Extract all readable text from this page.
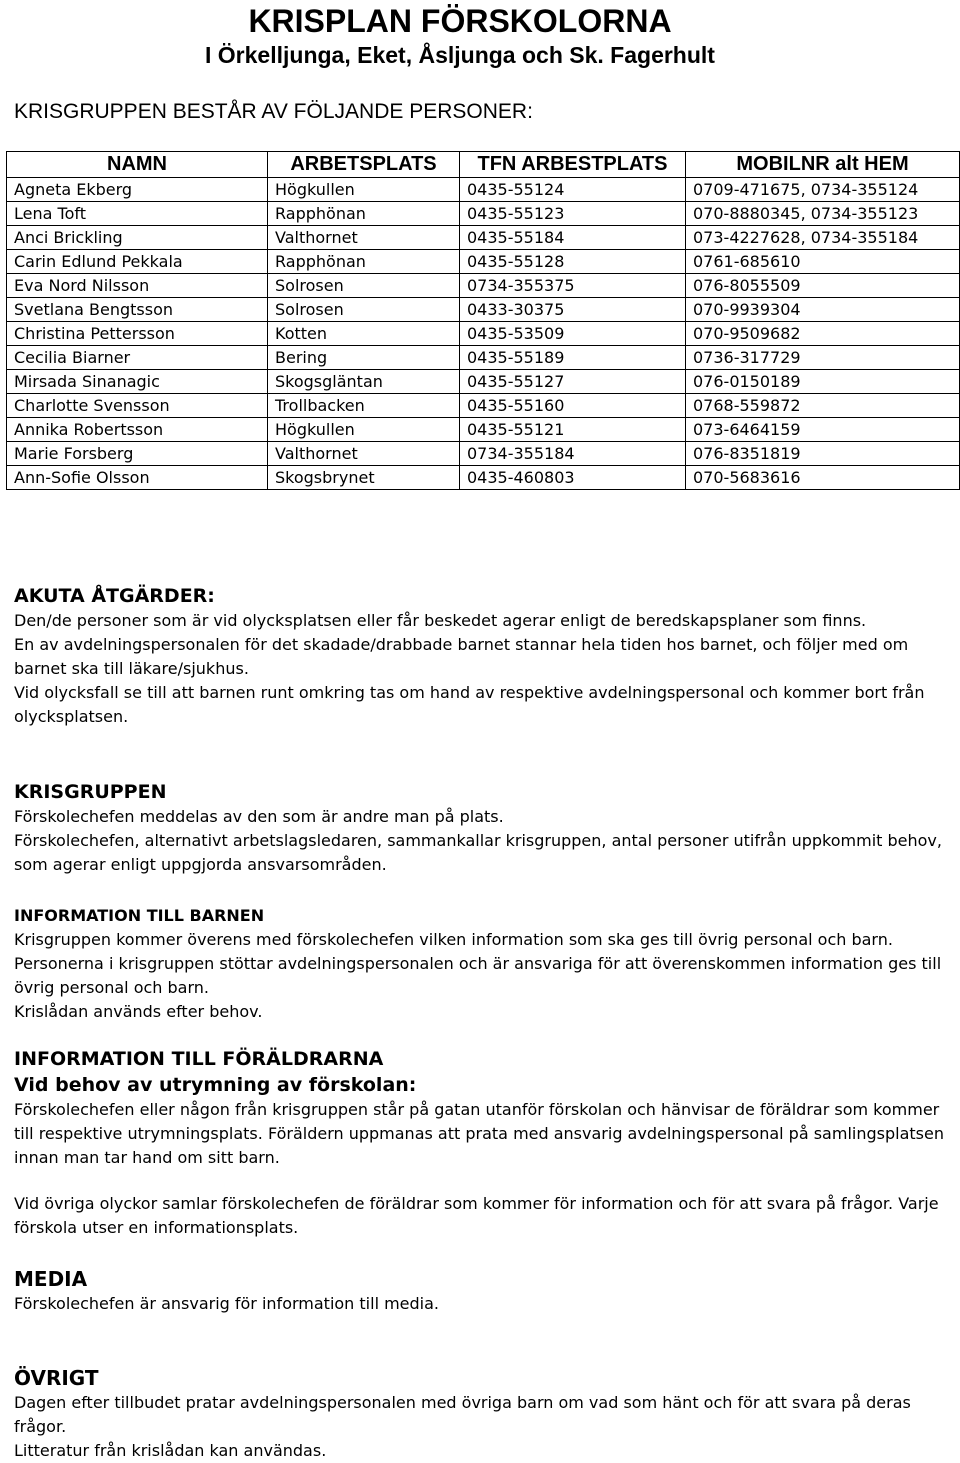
KRISPLAN FÖRSKOLORNA
I Örkelljunga, Eket, Åsljunga och Sk. Fagerhult
KRISGRUPPEN BESTÅR AV FÖLJANDE PERSONER:
NAMN	ARBETSPLATS	TFN ARBESTPLATS	MOBILNR alt HEM
Agneta Ekberg	Högkullen	0435-55124	0709-471675, 0734-355124
Lena Toft	Rapphönan	0435-55123	070-8880345, 0734-355123
Anci Brickling	Valthornet	0435-55184	073-4227628, 0734-355184
Carin Edlund Pekkala	Rapphönan	0435-55128	0761-685610
Eva Nord Nilsson	Solrosen	0734-355375	076-8055509
Svetlana Bengtsson	Solrosen	0433-30375	070-9939304
Christina Pettersson	Kotten	0435-53509	070-9509682
Cecilia Biarner	Bering	0435-55189	0736-317729
Mirsada Sinanagic	Skogsgläntan	0435-55127	076-0150189
Charlotte Svensson	Trollbacken	0435-55160	0768-559872
Annika Robertsson	Högkullen	0435-55121	073-6464159
Marie Forsberg	Valthornet	0734-355184	076-8351819
Ann-Sofie Olsson	Skogsbrynet	0435-460803	070-5683616
AKUTA ÅTGÄRDER:

Den/de personer som är vid olycksplatsen eller får beskedet agerar enligt de beredskapsplaner som finns.

En av avdelningspersonalen för det skadade/drabbade barnet stannar hela tiden hos barnet, och följer med om barnet ska till läkare/sjukhus.

Vid olycksfall se till att barnen runt omkring tas om hand av respektive avdelningspersonal och kommer bort från olycksplatsen.

KRISGRUPPEN

Förskolechefen meddelas av den som är andre man på plats.

Förskolechefen, alternativt arbetslagsledaren, sammankallar krisgruppen, antal personer utifrån uppkommit behov, som agerar enligt uppgjorda ansvarsområden.

INFORMATION TILL BARNEN

Krisgruppen kommer överens med förskolechefen vilken information som ska ges till övrig personal och barn. Personerna i krisgruppen stöttar avdelningspersonalen och är ansvariga för att överenskommen information ges till övrig personal och barn.

Krislådan används efter behov.

INFORMATION TILL FÖRÄLDRARNA
Vid behov av utrymning av förskolan:

Förskolechefen eller någon från krisgruppen står på gatan utanför förskolan och hänvisar de föräldrar som kommer till respektive utrymningsplats. Föräldern uppmanas att prata med ansvarig avdelningspersonal på samlingsplatsen innan man tar hand om sitt barn.

Vid övriga olyckor samlar förskolechefen de föräldrar som kommer för information och för att svara på frågor. Varje förskola utser en informationsplats.

MEDIA

Förskolechefen är ansvarig för information till media.

ÖVRIGT

Dagen efter tillbudet pratar avdelningspersonalen med övriga barn om vad som hänt och för att svara på deras frågor.

Litteratur från krislådan kan användas.
